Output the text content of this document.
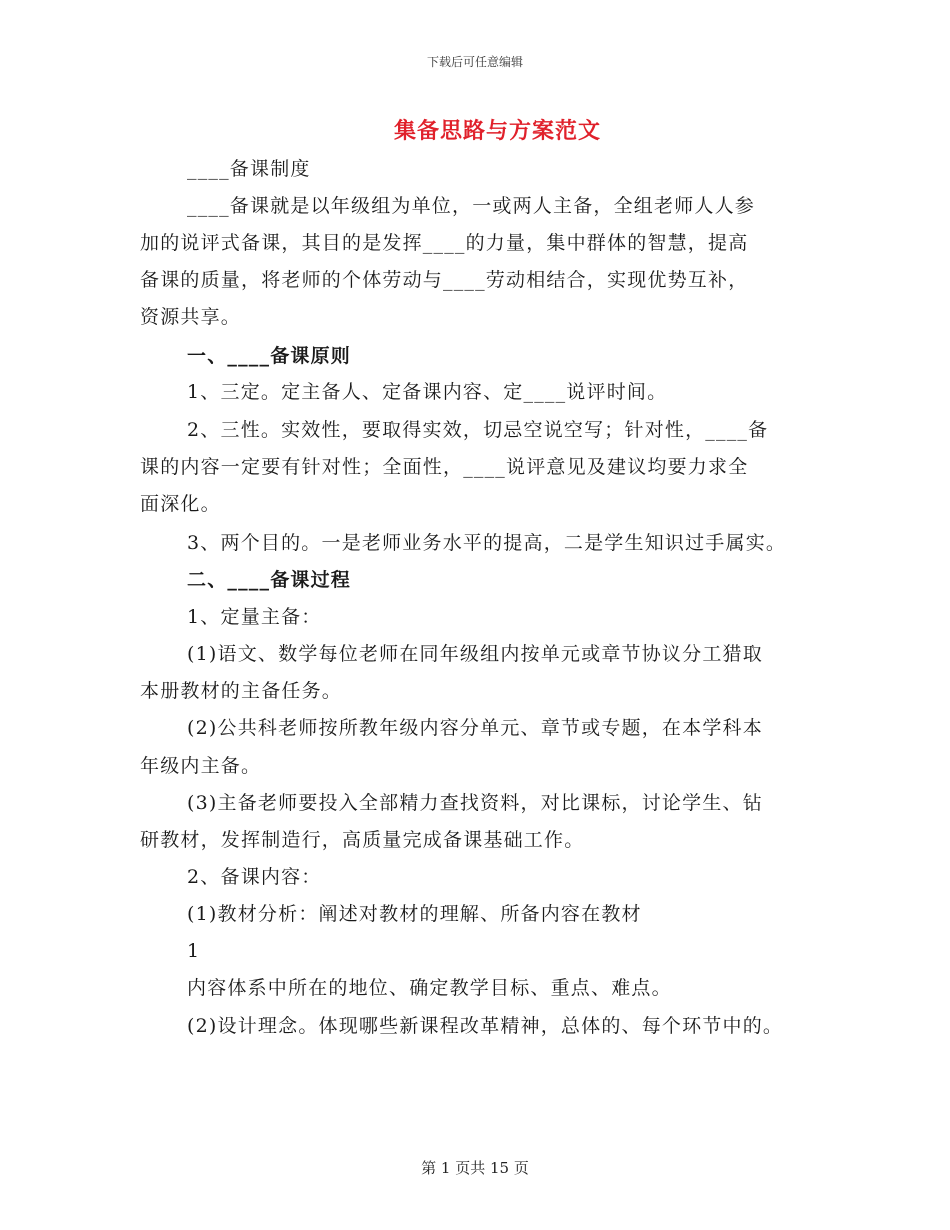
下载后可任意编辑
集备思路与方案范文
____备课制度
____备课就是以年级组为单位，一或两人主备，全组老师人人参
加的说评式备课，其目的是发挥____的力量，集中群体的智慧，提高
备课的质量，将老师的个体劳动与____劳动相结合，实现优势互补，
资源共享。
一、____备课原则
1、三定。定主备人、定备课内容、定____说评时间。
2、三性。实效性，要取得实效，切忌空说空写；针对性，____备
课的内容一定要有针对性；全面性，____说评意见及建议均要力求全
面深化。
3、两个目的。一是老师业务水平的提高，二是学生知识过手属实。
二、____备课过程
1、定量主备：
(1)语文、数学每位老师在同年级组内按单元或章节协议分工猎取
本册教材的主备任务。
(2)公共科老师按所教年级内容分单元、章节或专题，在本学科本
年级内主备。
(3)主备老师要投入全部精力查找资料，对比课标，讨论学生、钻
研教材，发挥制造行，高质量完成备课基础工作。
2、备课内容：
(1)教材分析：阐述对教材的理解、所备内容在教材
1
内容体系中所在的地位、确定教学目标、重点、难点。
(2)设计理念。体现哪些新课程改革精神，总体的、每个环节中的。
第 1 页共 15 页
